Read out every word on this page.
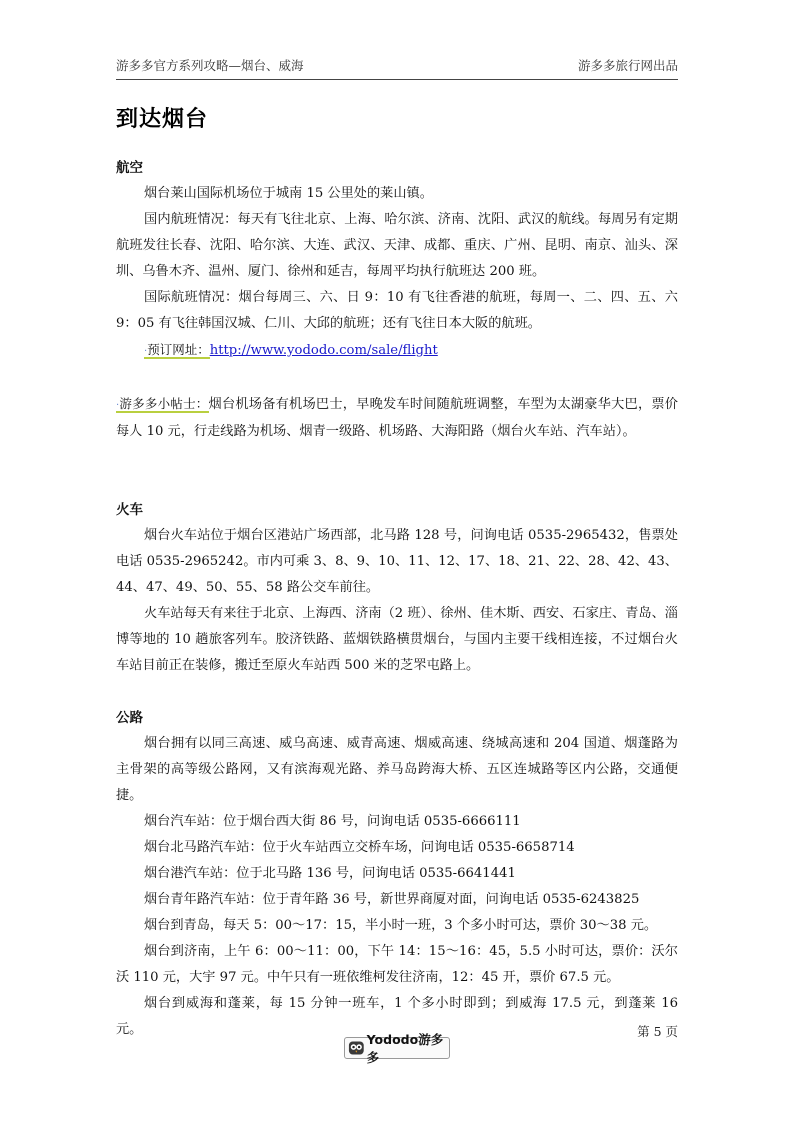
游多多官方系列攻略—烟台、威海	游多多旅行网出品
到达烟台
航空

烟台莱山国际机场位于城南 15 公里处的莱山镇。

国内航班情况：每天有飞往北京、上海、哈尔滨、济南、沈阳、武汉的航线。每周另有定期航班发往长春、沈阳、哈尔滨、大连、武汉、天津、成都、重庆、广州、昆明、南京、汕头、深圳、乌鲁木齐、温州、厦门、徐州和延吉，每周平均执行航班达 200 班。

国际航班情况：烟台每周三、六、日 9：10 有飞往香港的航班，每周一、二、四、五、六 9：05 有飞往韩国汉城、仁川、大邱的航班；还有飞往日本大阪的航班。

·预订网址：http://www.yododo.com/sale/flight

·游多多小帖士：烟台机场备有机场巴士，早晚发车时间随航班调整，车型为太湖豪华大巴，票价每人 10 元，行走线路为机场、烟青一级路、机场路、大海阳路（烟台火车站、汽车站）。

火车

烟台火车站位于烟台区港站广场西部，北马路 128 号，问询电话 0535-2965432，售票处电话 0535-2965242。市内可乘 3、8、9、10、11、12、17、18、21、22、28、42、43、44、47、49、50、55、58 路公交车前往。

火车站每天有来往于北京、上海西、济南（2 班）、徐州、佳木斯、西安、石家庄、青岛、淄博等地的 10 趟旅客列车。胶济铁路、蓝烟铁路横贯烟台，与国内主要干线相连接，不过烟台火车站目前正在装修，搬迁至原火车站西 500 米的芝罘屯路上。

公路

烟台拥有以同三高速、威乌高速、威青高速、烟威高速、绕城高速和 204 国道、烟蓬路为主骨架的高等级公路网，又有滨海观光路、养马岛跨海大桥、五区连城路等区内公路，交通便捷。

烟台汽车站：位于烟台西大街 86 号，问询电话 0535-6666111

烟台北马路汽车站：位于火车站西立交桥车场，问询电话 0535-6658714

烟台港汽车站：位于北马路 136 号，问询电话 0535-6641441

烟台青年路汽车站：位于青年路 36 号，新世界商厦对面，问询电话 0535-6243825

烟台到青岛，每天 5：00～17：15，半小时一班，3 个多小时可达，票价 30～38 元。

烟台到济南，上午 6：00～11：00，下午 14：15～16：45，5.5 小时可达，票价：沃尔沃 110 元，大宇 97 元。中午只有一班依维柯发往济南，12：45 开，票价 67.5 元。

烟台到威海和蓬莱，每 15 分钟一班车，1 个多小时即到；到威海 17.5 元，到蓬莱 16 元。	第 5 页
Yododo游多多
